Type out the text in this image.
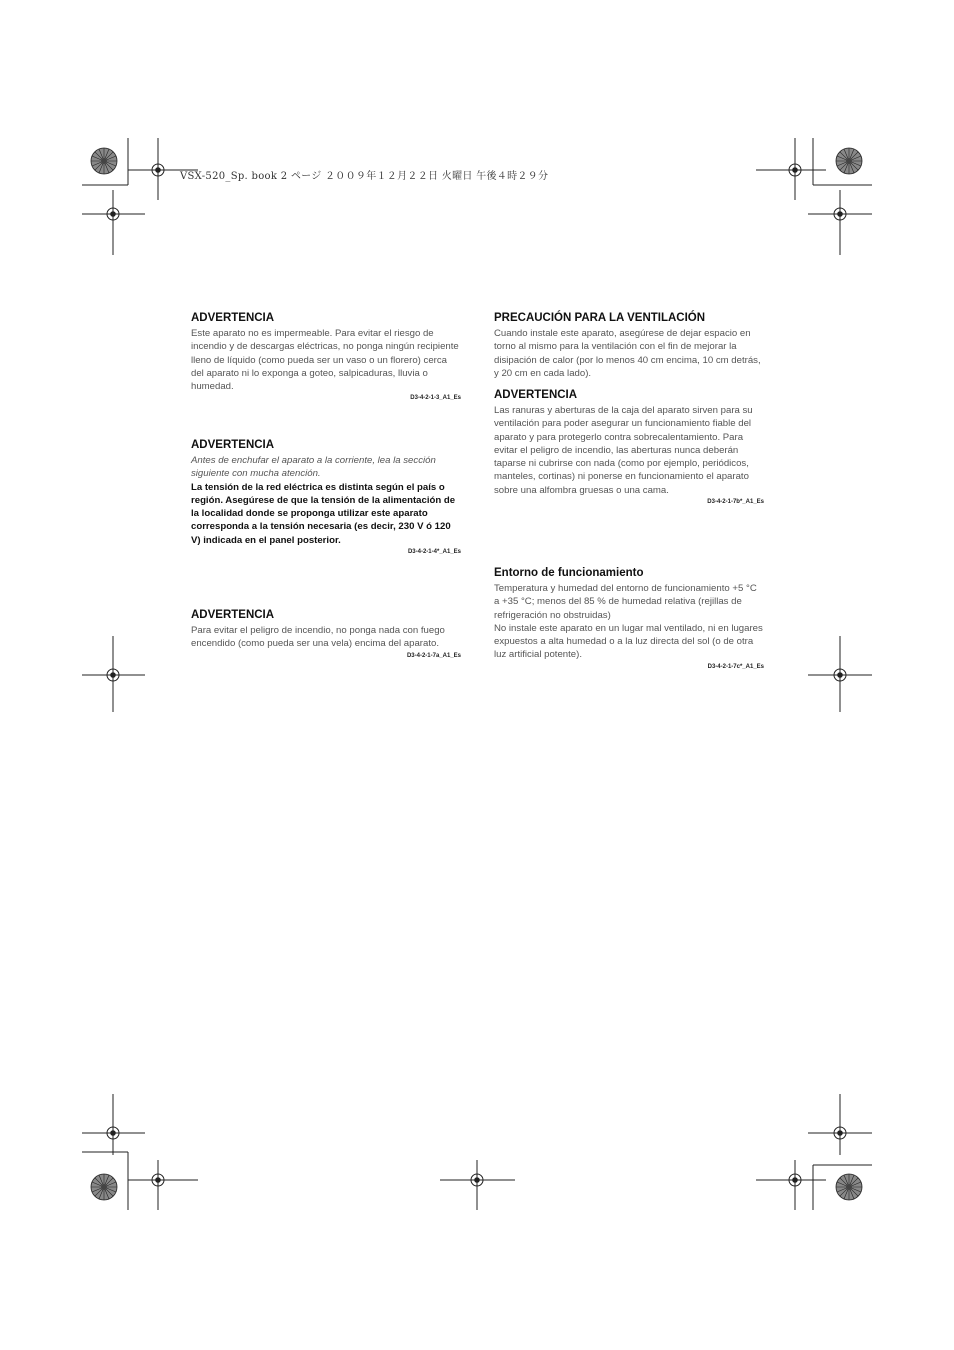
VSX-520_Sp. book 2 ページ ２００９年１２月２２日 火曜日 午後４時２９分
ADVERTENCIA

Este aparato no es impermeable. Para evitar el riesgo de incendio y de descargas eléctricas, no ponga ningún recipiente lleno de líquido (como pueda ser un vaso o un florero) cerca del aparato ni lo exponga a goteo, salpicaduras, lluvia o humedad.

D3-4-2-1-3_A1_Es
ADVERTENCIA

Antes de enchufar el aparato a la corriente, lea la sección siguiente con mucha atención.

La tensión de la red eléctrica es distinta según el país o región. Asegúrese de que la tensión de la alimentación de la localidad donde se proponga utilizar este aparato corresponda a la tensión necesaria (es decir, 230 V ó 120 V) indicada en el panel posterior.

D3-4-2-1-4*_A1_Es
ADVERTENCIA

Para evitar el peligro de incendio, no ponga nada con fuego encendido (como pueda ser una vela) encima del aparato.

D3-4-2-1-7a_A1_Es
PRECAUCIÓN PARA LA VENTILACIÓN

Cuando instale este aparato, asegúrese de dejar espacio en torno al mismo para la ventilación con el fin de mejorar la disipación de calor (por lo menos 40 cm encima, 10 cm detrás, y 20 cm en cada lado).

ADVERTENCIA

Las ranuras y aberturas de la caja del aparato sirven para su ventilación para poder asegurar un funcionamiento fiable del aparato y para protegerlo contra sobrecalentamiento. Para evitar el peligro de incendio, las aberturas nunca deberán taparse ni cubrirse con nada (como por ejemplo, periódicos, manteles, cortinas) ni ponerse en funcionamiento el aparato sobre una alfombra gruesas o una cama.

D3-4-2-1-7b*_A1_Es
Entorno de funcionamiento

Temperatura y humedad del entorno de funcionamiento +5 °C a +35 °C; menos del 85 % de humedad relativa (rejillas de refrigeración no obstruidas)
No instale este aparato en un lugar mal ventilado, ni en lugares expuestos a alta humedad o a la luz directa del sol (o de otra luz artificial potente).

D3-4-2-1-7c*_A1_Es
